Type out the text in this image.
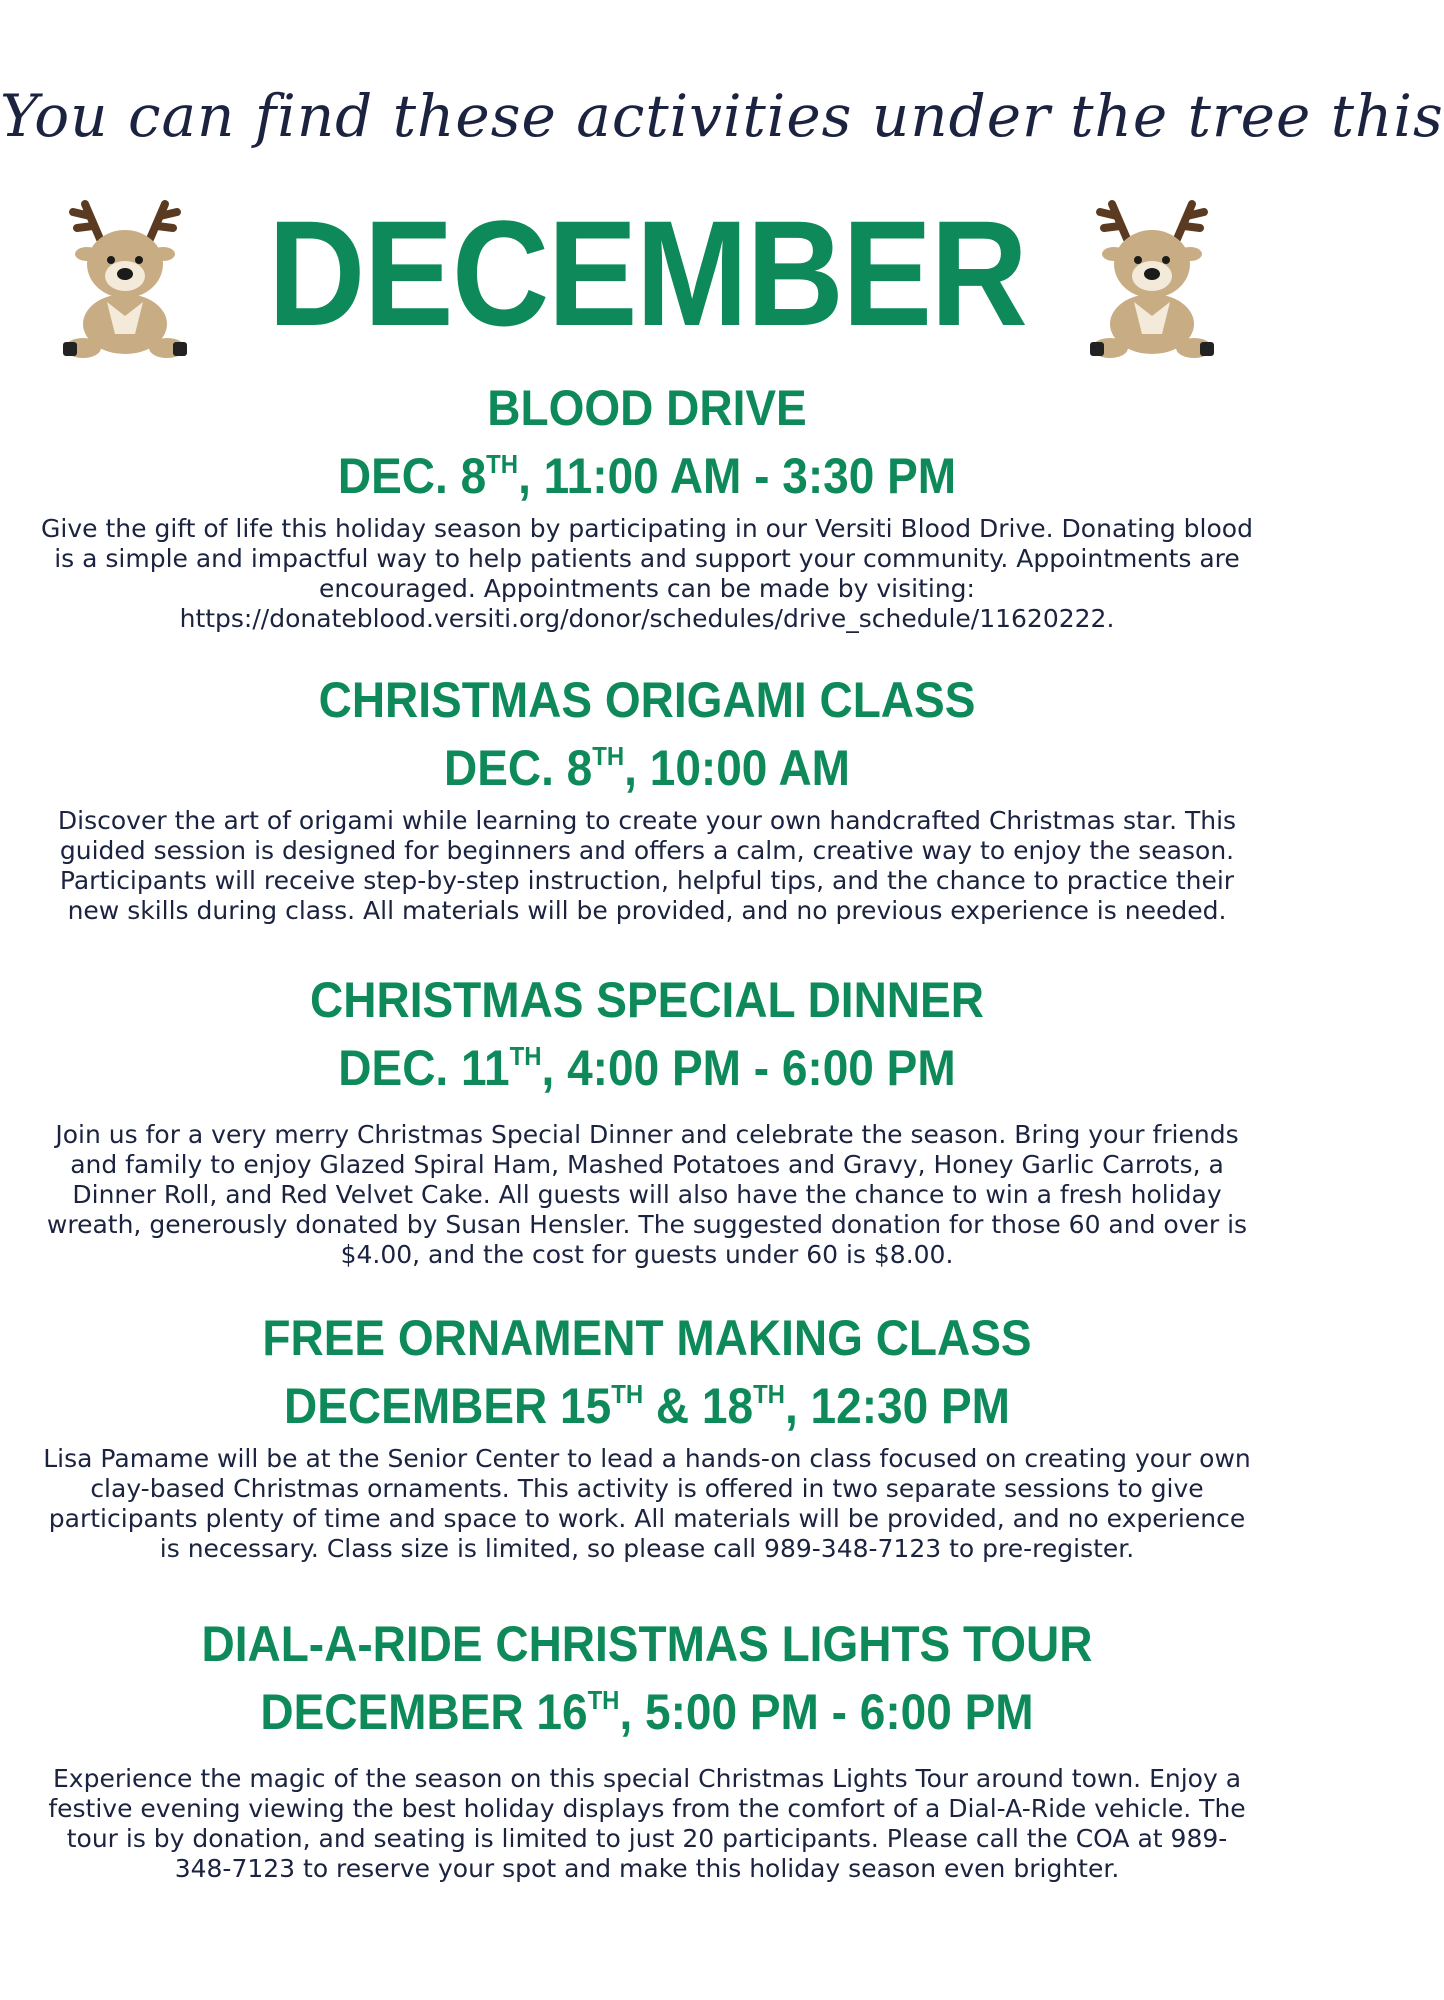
You can find these activities under the tree this
DECEMBER
BLOOD DRIVE
DEC. 8TH, 11:00 AM - 3:30 PM
Give the gift of life this holiday season by participating in our Versiti Blood Drive. Donating blood is a simple and impactful way to help patients and support your community. Appointments are encouraged. Appointments can be made by visiting: https://donateblood.versiti.org/donor/schedules/drive_schedule/11620222.
CHRISTMAS ORIGAMI CLASS
DEC. 8TH, 10:00 AM
Discover the art of origami while learning to create your own handcrafted Christmas star. This guided session is designed for beginners and offers a calm, creative way to enjoy the season. Participants will receive step-by-step instruction, helpful tips, and the chance to practice their new skills during class. All materials will be provided, and no previous experience is needed.
CHRISTMAS SPECIAL DINNER
DEC. 11TH, 4:00 PM - 6:00 PM
Join us for a very merry Christmas Special Dinner and celebrate the season. Bring your friends and family to enjoy Glazed Spiral Ham, Mashed Potatoes and Gravy, Honey Garlic Carrots, a Dinner Roll, and Red Velvet Cake. All guests will also have the chance to win a fresh holiday wreath, generously donated by Susan Hensler. The suggested donation for those 60 and over is $4.00, and the cost for guests under 60 is $8.00.
FREE ORNAMENT MAKING CLASS
DECEMBER 15TH & 18TH, 12:30 PM
Lisa Pamame will be at the Senior Center to lead a hands-on class focused on creating your own clay-based Christmas ornaments. This activity is offered in two separate sessions to give participants plenty of time and space to work. All materials will be provided, and no experience is necessary. Class size is limited, so please call 989-348-7123 to pre-register.
DIAL-A-RIDE CHRISTMAS LIGHTS TOUR
DECEMBER 16TH, 5:00 PM - 6:00 PM
Experience the magic of the season on this special Christmas Lights Tour around town. Enjoy a festive evening viewing the best holiday displays from the comfort of a Dial-A-Ride vehicle. The tour is by donation, and seating is limited to just 20 participants. Please call the COA at 989-348-7123 to reserve your spot and make this holiday season even brighter.
